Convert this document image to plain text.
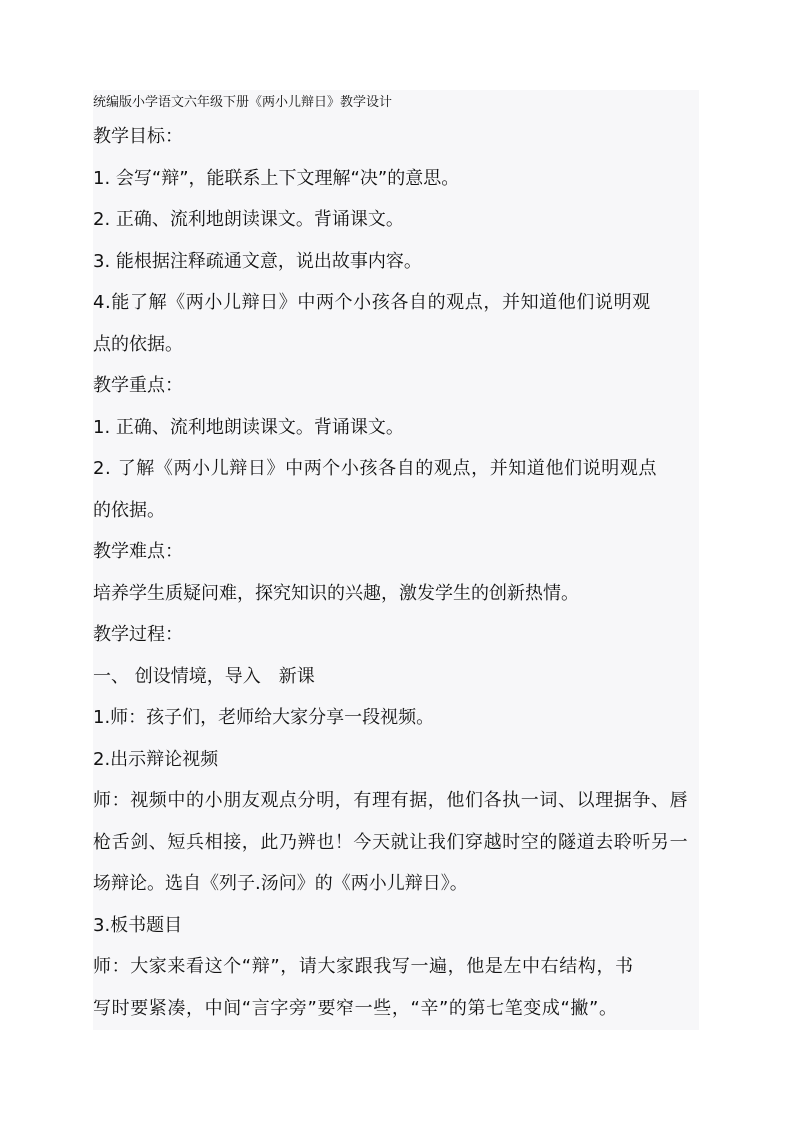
统编版小学语文六年级下册《两小儿辩日》教学设计
教学目标：
1. 会写“辩”，能联系上下文理解“决”的意思。
2. 正确、流利地朗读课文。背诵课文。
3. 能根据注释疏通文意，说出故事内容。
4.能了解《两小儿辩日》中两个小孩各自的观点，并知道他们说明观
点的依据。
教学重点：
1. 正确、流利地朗读课文。背诵课文。
2. 了解《两小儿辩日》中两个小孩各自的观点，并知道他们说明观点
的依据。
教学难点：
培养学生质疑问难，探究知识的兴趣，激发学生的创新热情。
教学过程：
一、 创设情境，导入　新课
1.师：孩子们，老师给大家分享一段视频。
2.出示辩论视频
师：视频中的小朋友观点分明，有理有据，他们各执一词、以理据争、唇
枪舌剑、短兵相接，此乃辨也！今天就让我们穿越时空的隧道去聆听另一
场辩论。选自《列子.汤问》的《两小儿辩日》。
3.板书题目
师：大家来看这个“辩”，请大家跟我写一遍，他是左中右结构，书
写时要紧凑，中间“言字旁”要窄一些，“辛”的第七笔变成“撇”。
